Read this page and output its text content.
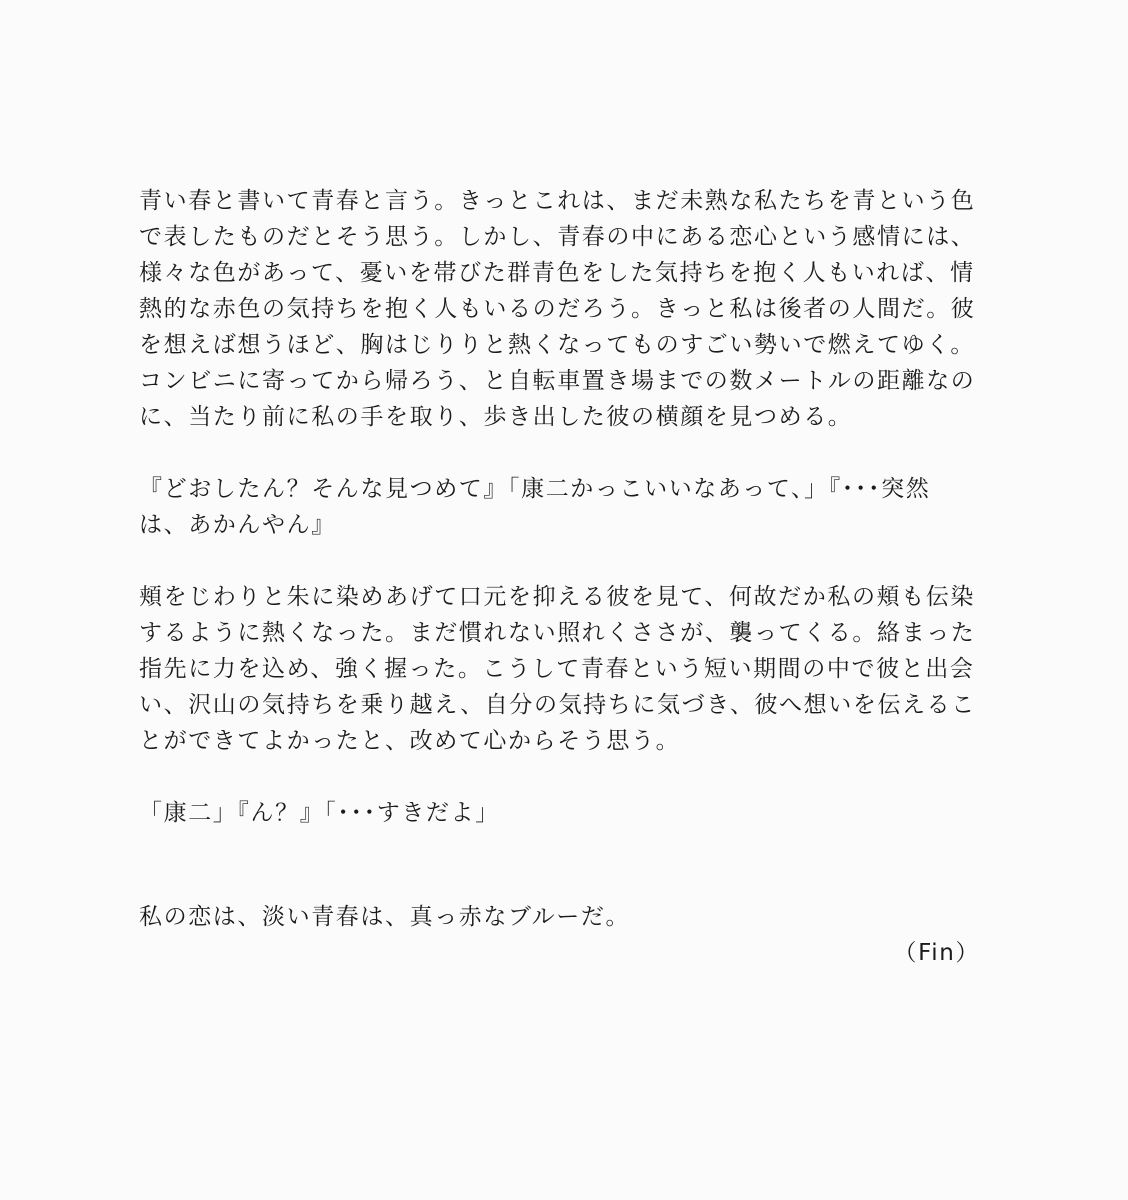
青い春と書いて青春と言う。きっとこれは、まだ未熟な私たちを青という色
で表したものだとそう思う。しかし、青春の中にある恋心という感情には、
様々な色があって、憂いを帯びた群青色をした気持ちを抱く人もいれば、情
熱的な赤色の気持ちを抱く人もいるのだろう。きっと私は後者の人間だ。彼
を想えば想うほど、胸はじりりと熱くなってものすごい勢いで燃えてゆく。
コンビニに寄ってから帰ろう、と自転車置き場までの数メートルの距離なの
に、当たり前に私の手を取り、歩き出した彼の横顔を見つめる。
『どおしたん？そんな見つめて』「康二かっこいいなあって、」『･･･突然
は、あかんやん』
頬をじわりと朱に染めあげて口元を抑える彼を見て、何故だか私の頬も伝染
するように熱くなった。まだ慣れない照れくささが、襲ってくる。絡まった
指先に力を込め、強く握った。こうして青春という短い期間の中で彼と出会
い、沢山の気持ちを乗り越え、自分の気持ちに気づき、彼へ想いを伝えるこ
とができてよかったと、改めて心からそう思う。
「康二」『ん？』「･･･すきだよ」
私の恋は、淡い青春は、真っ赤なブルーだ。
（Fin）
